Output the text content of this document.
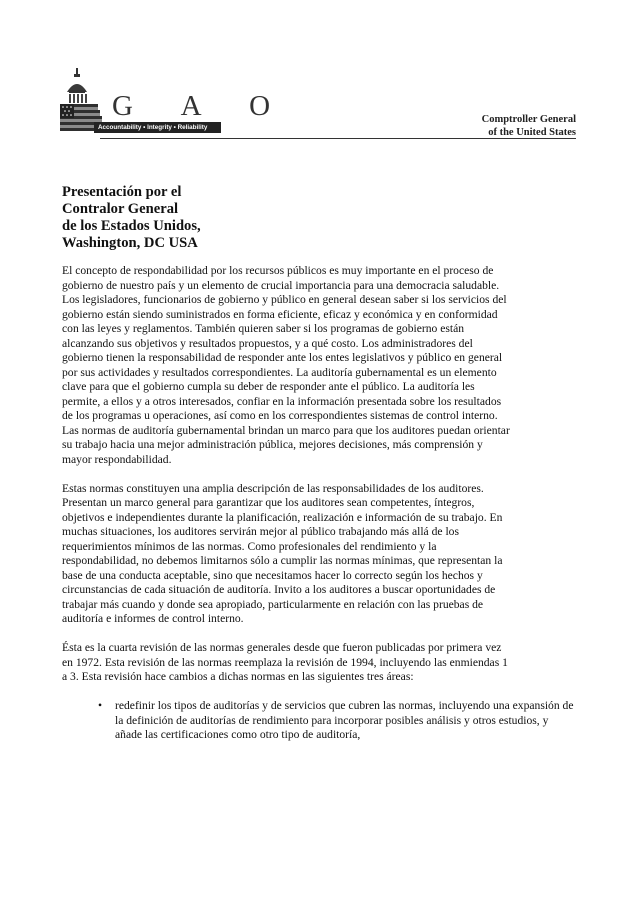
G A O
Accountability • Integrity • Reliability
Comptroller General
of the United States
Presentación por el
Contralor General
de los Estados Unidos,
Washington, DC USA
El concepto de respondabilidad por los recursos públicos es muy importante en el proceso de
gobierno de nuestro país y un elemento de crucial importancia para una democracia saludable.
Los legisladores, funcionarios de gobierno y público en general desean saber si los servicios del
gobierno están siendo suministrados en forma eficiente, eficaz y económica y en conformidad
con las leyes y reglamentos. También quieren saber si los programas de gobierno están
alcanzando sus objetivos y resultados propuestos, y a qué costo. Los administradores del
gobierno tienen la responsabilidad de responder ante los entes legislativos y público en general
por sus actividades y resultados correspondientes. La auditoría gubernamental es un elemento
clave para que el gobierno cumpla su deber de responder ante el público. La auditoría les
permite, a ellos y a otros interesados, confiar en la información presentada sobre los resultados
de los programas u operaciones, así como en los correspondientes sistemas de control interno.
Las normas de auditoría gubernamental brindan un marco para que los auditores puedan orientar
su trabajo hacia una mejor administración pública, mejores decisiones, más comprensión y
mayor respondabilidad.
Estas normas constituyen una amplia descripción de las responsabilidades de los auditores.
Presentan un marco general para garantizar que los auditores sean competentes, íntegros,
objetivos e independientes durante la planificación, realización e información de su trabajo. En
muchas situaciones, los auditores servirán mejor al público trabajando más allá de los
requerimientos mínimos de las normas. Como profesionales del rendimiento y la
respondabilidad, no debemos limitarnos sólo a cumplir las normas mínimas, que representan la
base de una conducta aceptable, sino que necesitamos hacer lo correcto según los hechos y
circunstancias de cada situación de auditoría. Invito a los auditores a buscar oportunidades de
trabajar más cuando y donde sea apropiado, particularmente en relación con las pruebas de
auditoría e informes de control interno.
Ésta es la cuarta revisión de las normas generales desde que fueron publicadas por primera vez
en 1972. Esta revisión de las normas reemplaza la revisión de 1994, incluyendo las enmiendas 1
a 3. Esta revisión hace cambios a dichas normas en las siguientes tres áreas:
• redefinir los tipos de auditorías y de servicios que cubren las normas, incluyendo una expansión de la definición de auditorías de rendimiento para incorporar posibles análisis y otros estudios, y añade las certificaciones como otro tipo de auditoría,
